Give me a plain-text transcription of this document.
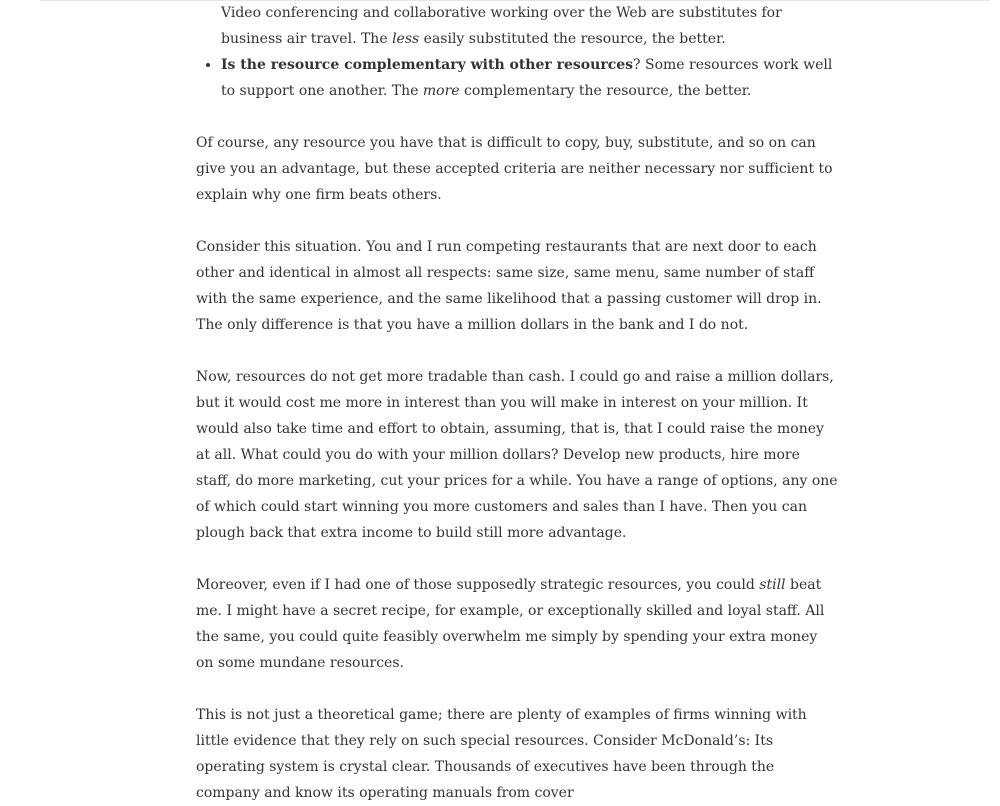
Video conferencing and collaborative working over the Web are substitutes for business air travel. The less easily substituted the resource, the better.

• Is the resource complementary with other resources? Some resources work well to support one another. The more complementary the resource, the better.

Of course, any resource you have that is difficult to copy, buy, substitute, and so on can give you an advantage, but these accepted criteria are neither necessary nor sufficient to explain why one firm beats others.

Consider this situation. You and I run competing restaurants that are next door to each other and identical in almost all respects: same size, same menu, same number of staff with the same experience, and the same likelihood that a passing customer will drop in. The only difference is that you have a million dollars in the bank and I do not.

Now, resources do not get more tradable than cash. I could go and raise a million dollars, but it would cost me more in interest than you will make in interest on your million. It would also take time and effort to obtain, assuming, that is, that I could raise the money at all. What could you do with your million dollars? Develop new products, hire more staff, do more marketing, cut your prices for a while. You have a range of options, any one of which could start winning you more customers and sales than I have. Then you can plough back that extra income to build still more advantage.

Moreover, even if I had one of those supposedly strategic resources, you could still beat me. I might have a secret recipe, for example, or exceptionally skilled and loyal staff. All the same, you could quite feasibly overwhelm me simply by spending your extra money on some mundane resources.

This is not just a theoretical game; there are plenty of examples of firms winning with little evidence that they rely on such special resources. Consider McDonald’s: Its operating system is crystal clear. Thousands of executives have been through the company and know its operating manuals from cover
